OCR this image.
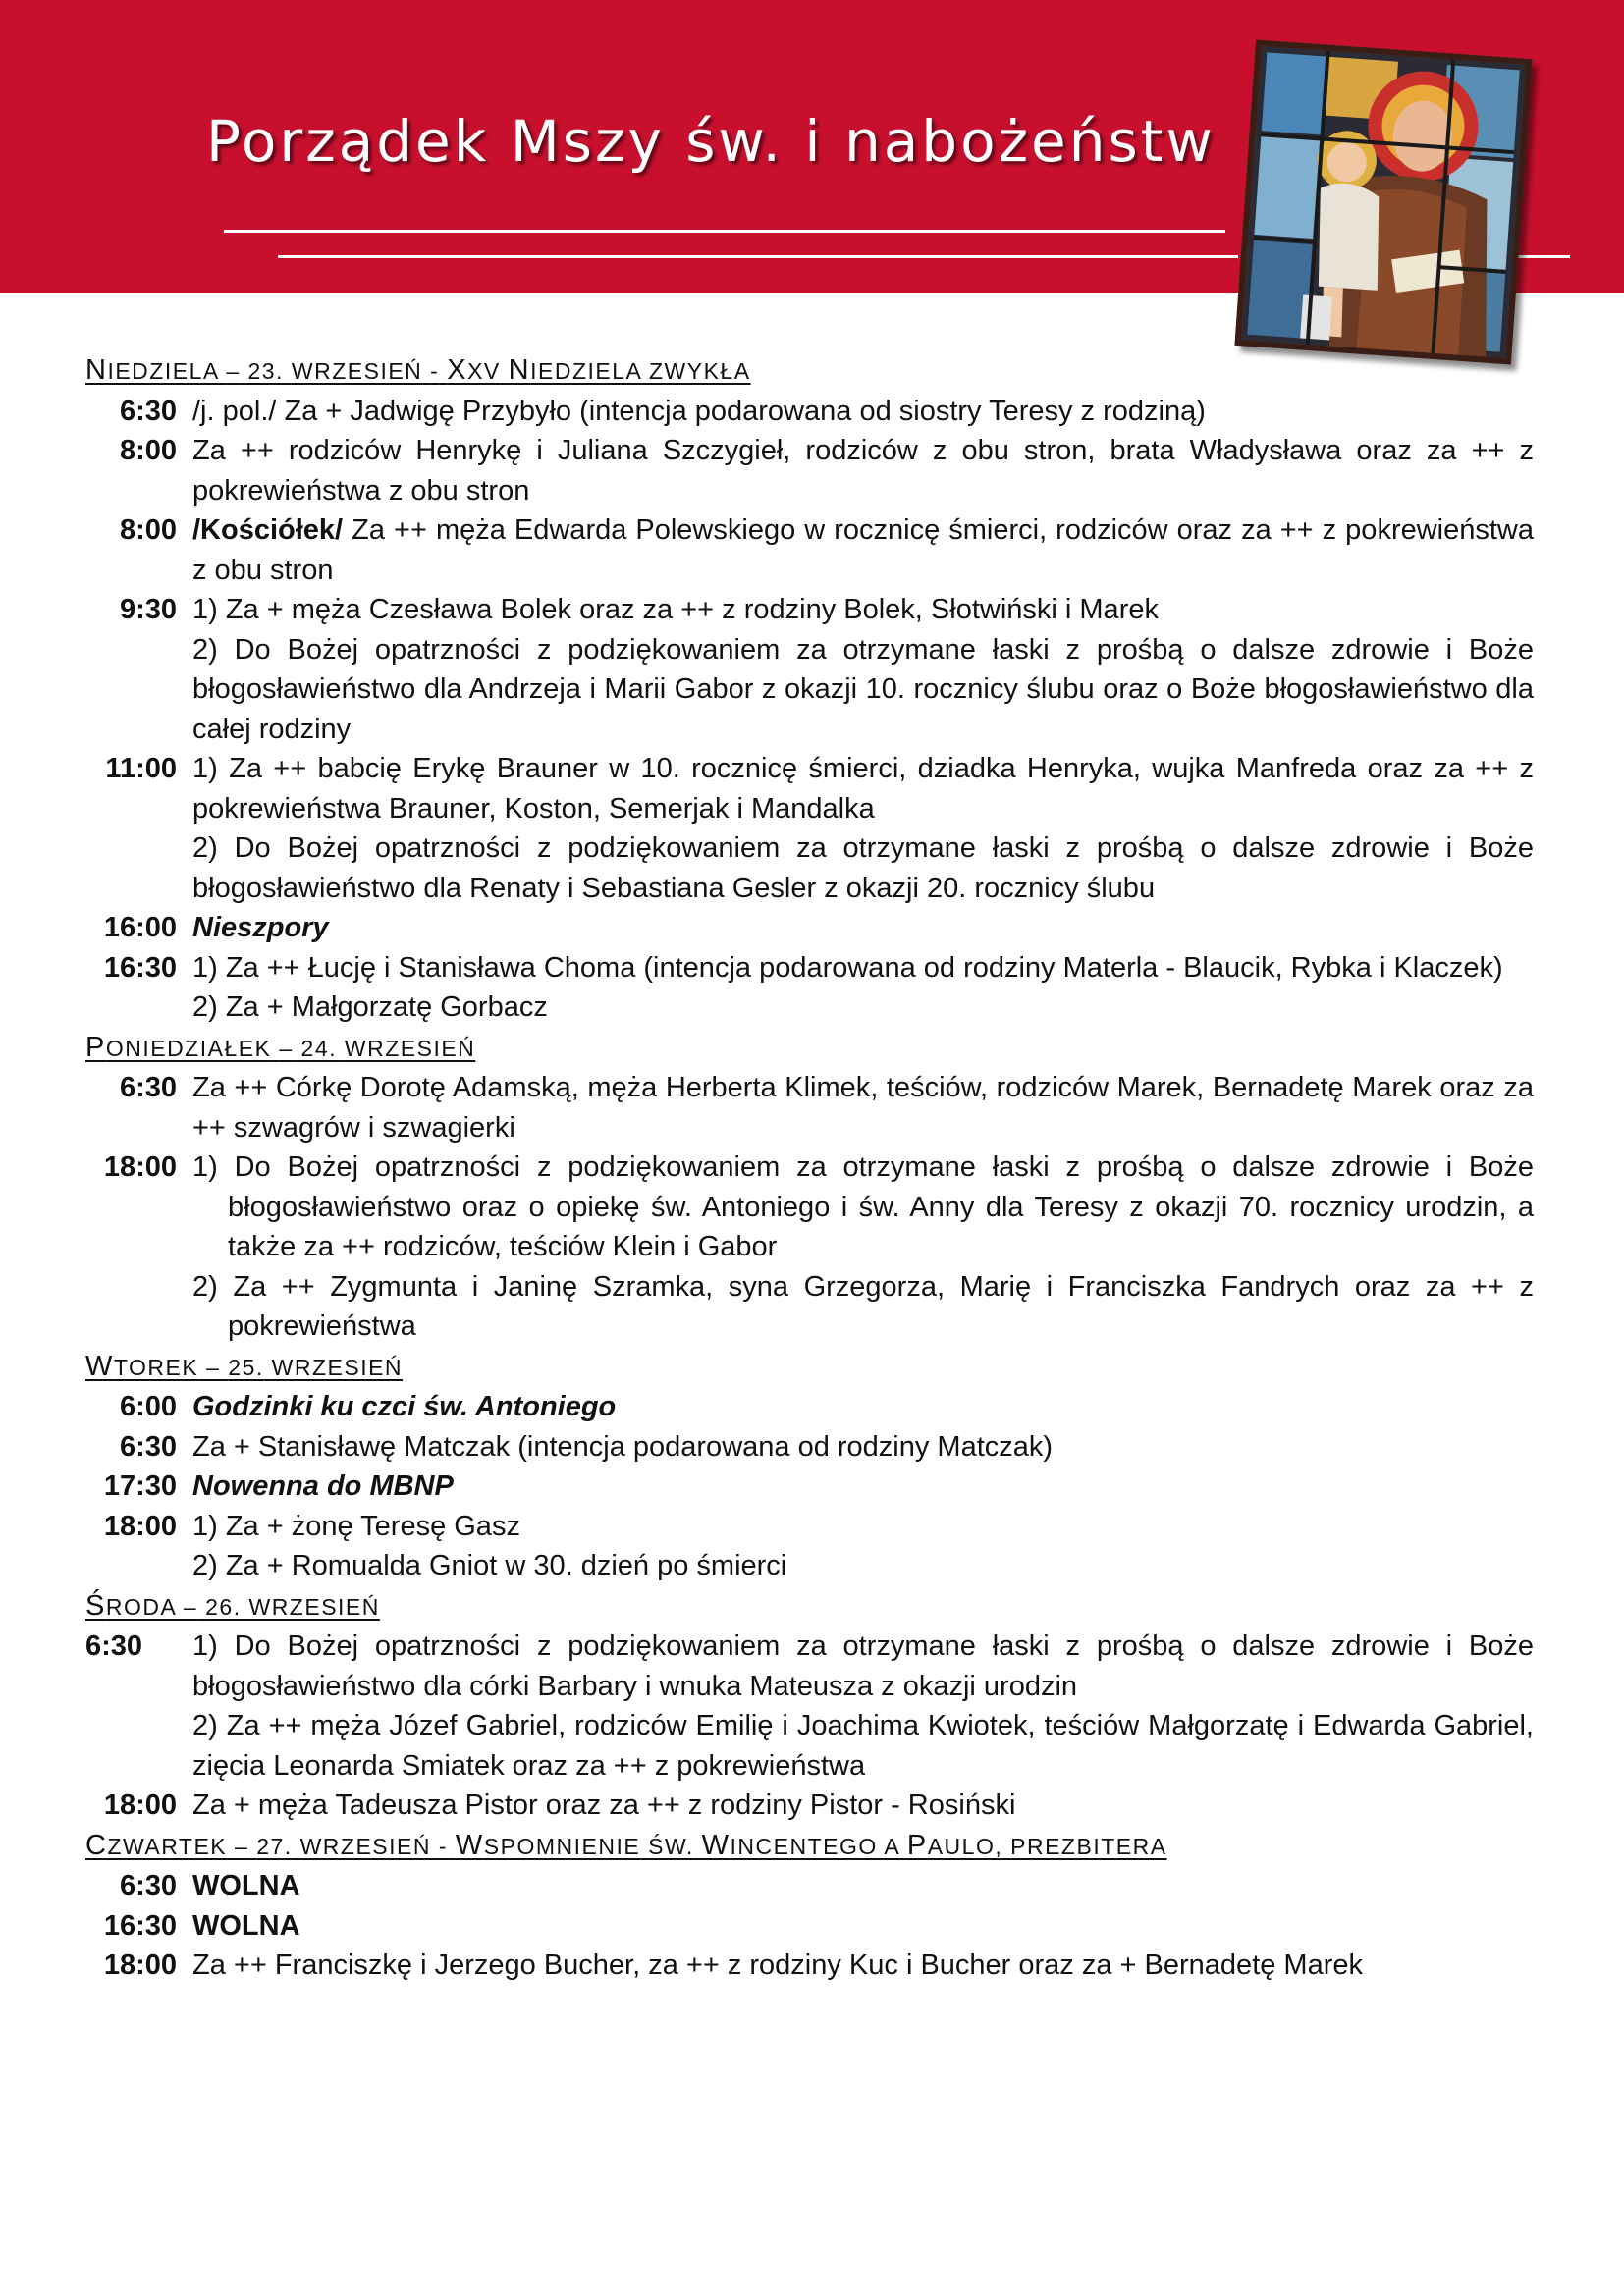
Porządek Mszy św. i nabożeństw
NIEDZIELA – 23. WRZESIEŃ - XXV NIEDZIELA ZWYKŁA
6:30 /j. pol./ Za + Jadwigę Przybyło (intencja podarowana od siostry Teresy z rodziną)
8:00 Za ++ rodziców Henrykę i Juliana Szczygieł, rodziców z obu stron, brata Władysława oraz za ++ z pokrewieństwa z obu stron
8:00 /Kościółek/ Za ++ męża Edwarda Polewskiego w rocznicę śmierci, rodziców oraz za ++ z pokrewieństwa z obu stron
9:30 1) Za + męża Czesława Bolek oraz za ++ z rodziny Bolek, Słotwiński i Marek
2) Do Bożej opatrzności z podziękowaniem za otrzymane łaski z prośbą o dalsze zdrowie i Boże błogosławieństwo dla Andrzeja i Marii Gabor z okazji 10. rocznicy ślubu oraz o Boże błogosławieństwo dla całej rodziny
11:00 1) Za ++ babcię Erykę Brauner w 10. rocznicę śmierci, dziadka Henryka, wujka Manfreda oraz za ++ z pokrewieństwa Brauner, Koston, Semerjak i Mandalka
2) Do Bożej opatrzności z podziękowaniem za otrzymane łaski z prośbą o dalsze zdrowie i Boże błogosławieństwo dla Renaty i Sebastiana Gesler z okazji 20. rocznicy ślubu
16:00 Nieszpory
16:30 1) Za ++ Łucję i Stanisława Choma (intencja podarowana od rodziny Materla - Blaucik, Rybka i Klaczek)
2) Za + Małgorzatę Gorbacz
PONIEDZIAŁEK – 24. WRZESIEŃ
6:30 Za ++ Córkę Dorotę Adamską, męża Herberta Klimek, teściów, rodziców Marek, Bernadetę Marek oraz za ++ szwagrów i szwagierki
18:00 1) Do Bożej opatrzności z podziękowaniem za otrzymane łaski z prośbą o dalsze zdrowie i Boże błogosławieństwo oraz o opiekę św. Antoniego i św. Anny dla Teresy z okazji 70. rocznicy urodzin, a także za ++ rodziców, teściów Klein i Gabor
2) Za ++ Zygmunta i Janinę Szramka, syna Grzegorza, Marię i Franciszka Fandrych oraz za ++ z pokrewieństwa
WTOREK – 25. WRZESIEŃ
6:00 Godzinki ku czci św. Antoniego
6:30 Za + Stanisławę Matczak (intencja podarowana od rodziny Matczak)
17:30 Nowenna do MBNP
18:00 1) Za + żonę Teresę Gasz
2) Za + Romualda Gniot w 30. dzień po śmierci
ŚRODA – 26. WRZESIEŃ
6:30	1) Do Bożej opatrzności z podziękowaniem za otrzymane łaski z prośbą o dalsze zdrowie i Boże błogosławieństwo dla córki Barbary i wnuka Mateusza z okazji urodzin
2) Za ++ męża Józef Gabriel, rodziców Emilię i Joachima Kwiotek, teściów Małgorzatę i Edwarda Gabriel, zięcia Leonarda Smiatek oraz za ++ z pokrewieństwa
18:00 Za + męża Tadeusza Pistor oraz za ++ z rodziny Pistor - Rosiński
CZWARTEK – 27. WRZESIEŃ - WSPOMNIENIE ŚW. WINCENTEGO A PAULO, PREZBITERA
6:30 WOLNA
16:30 WOLNA
18:00 Za ++ Franciszkę i Jerzego Bucher, za ++ z rodziny Kuc i Bucher oraz za + Bernadetę Marek
